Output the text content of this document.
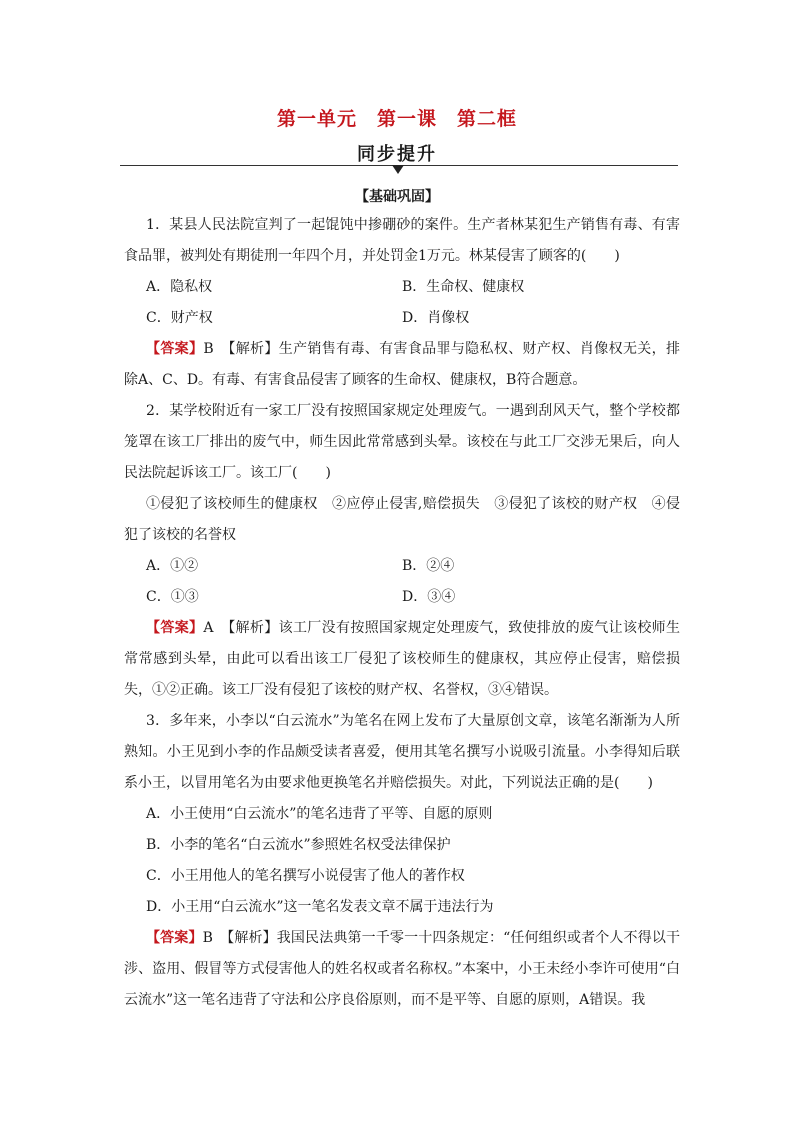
第一单元　第一课　第二框
同步提升
【基础巩固】
1．某县人民法院宣判了一起馄饨中掺硼砂的案件。生产者林某犯生产销售有毒、有害食品罪，被判处有期徒刑一年四个月，并处罚金1万元。林某侵害了顾客的(　　)
A．隐私权	B．生命权、健康权
C．财产权	D．肖像权
【答案】B　【解析】生产销售有毒、有害食品罪与隐私权、财产权、肖像权无关，排除A、C、D。有毒、有害食品侵害了顾客的生命权、健康权，B符合题意。
2．某学校附近有一家工厂没有按照国家规定处理废气。一遇到刮风天气，整个学校都笼罩在该工厂排出的废气中，师生因此常常感到头晕。该校在与此工厂交涉无果后，向人民法院起诉该工厂。该工厂(　　)
①侵犯了该校师生的健康权　②应停止侵害,赔偿损失　③侵犯了该校的财产权　④侵犯了该校的名誉权
A．①②	B．②④
C．①③	D．③④
【答案】A　【解析】该工厂没有按照国家规定处理废气，致使排放的废气让该校师生常常感到头晕，由此可以看出该工厂侵犯了该校师生的健康权，其应停止侵害，赔偿损失，①②正确。该工厂没有侵犯了该校的财产权、名誉权，③④错误。
3．多年来，小李以“白云流水”为笔名在网上发布了大量原创文章，该笔名渐渐为人所熟知。小王见到小李的作品颇受读者喜爱，便用其笔名撰写小说吸引流量。小李得知后联系小王，以冒用笔名为由要求他更换笔名并赔偿损失。对此，下列说法正确的是(　　)
A．小王使用“白云流水”的笔名违背了平等、自愿的原则
B．小李的笔名“白云流水”参照姓名权受法律保护
C．小王用他人的笔名撰写小说侵害了他人的著作权
D．小王用“白云流水”这一笔名发表文章不属于违法行为
【答案】B　【解析】我国民法典第一千零一十四条规定：“任何组织或者个人不得以干涉、盗用、假冒等方式侵害他人的姓名权或者名称权。”本案中，小王未经小李许可使用“白云流水”这一笔名违背了守法和公序良俗原则，而不是平等、自愿的原则，A错误。我
